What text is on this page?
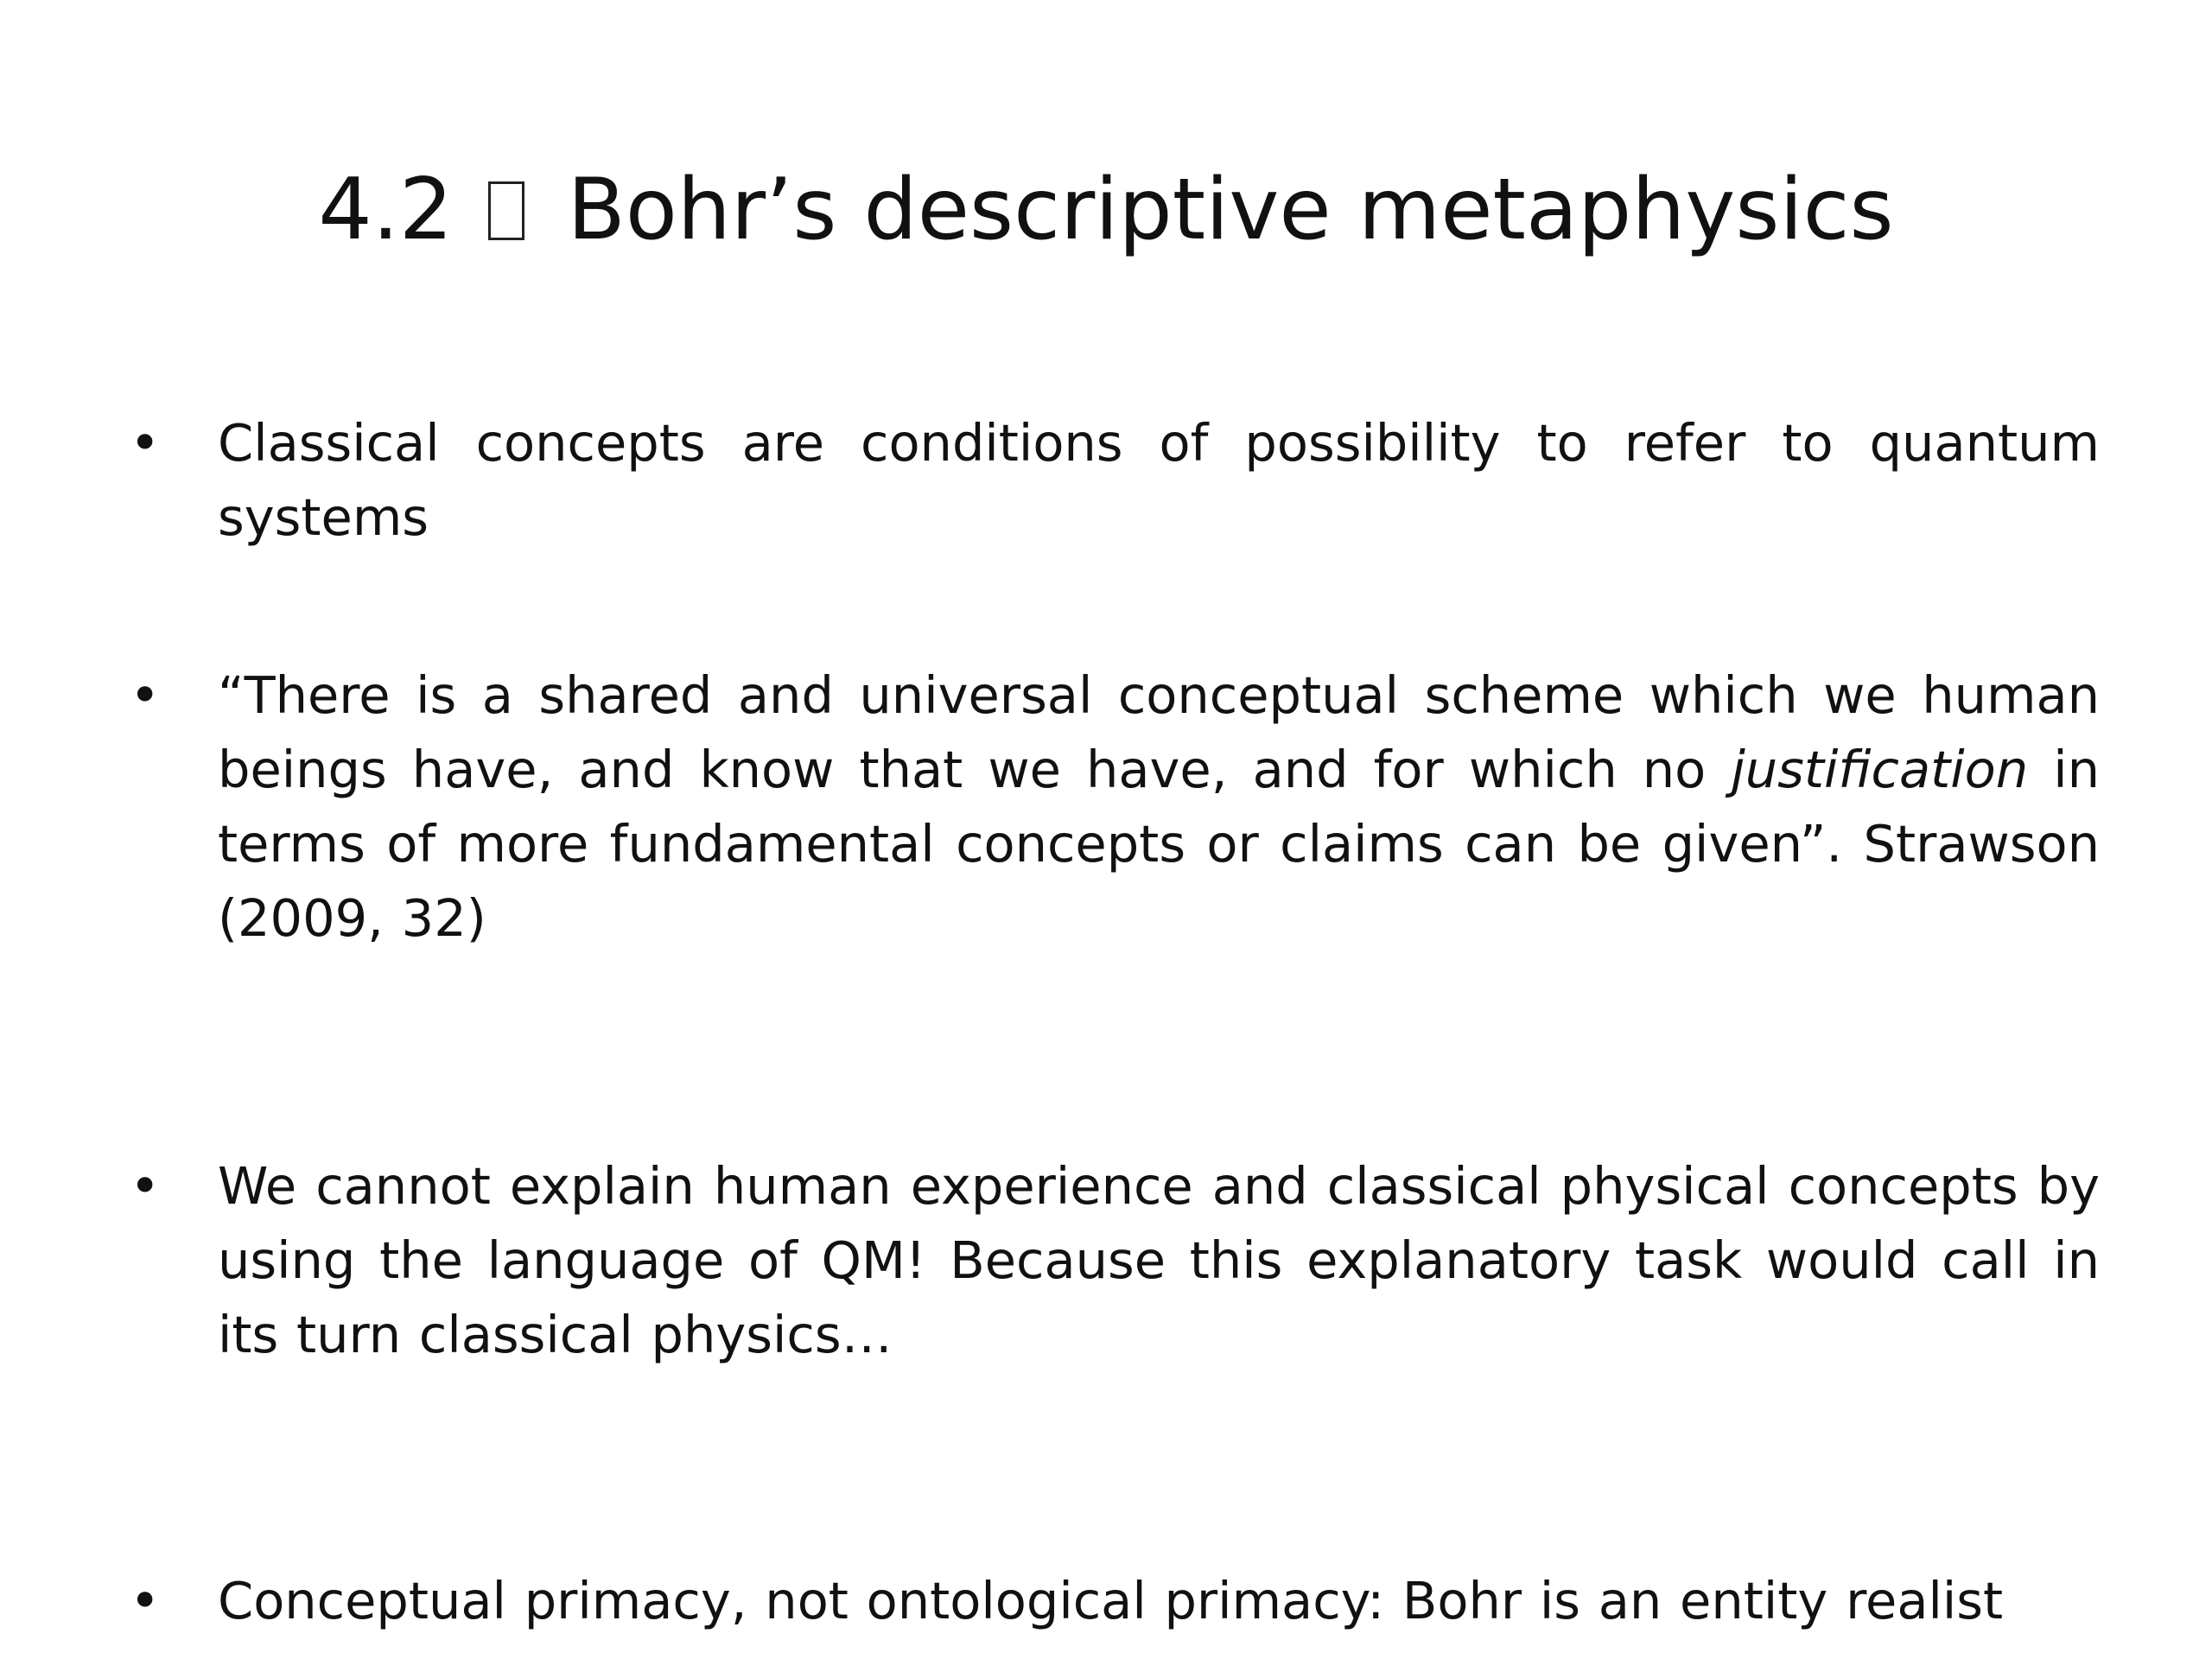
4.2 Bohr’s descriptive metaphysics
•	Classical concepts are conditions of possibility to refer to quantum systems
•	“There is a shared and universal conceptual scheme which we human beings have, and know that we have, and for which no justification in terms of more fundamental concepts or claims can be given”. Strawson (2009, 32)
•	We cannot explain human experience and classical physical concepts by using the language of QM! Because this explanatory task would call in its turn classical physics…
•	Conceptual primacy, not ontological primacy: Bohr is an entity realist
